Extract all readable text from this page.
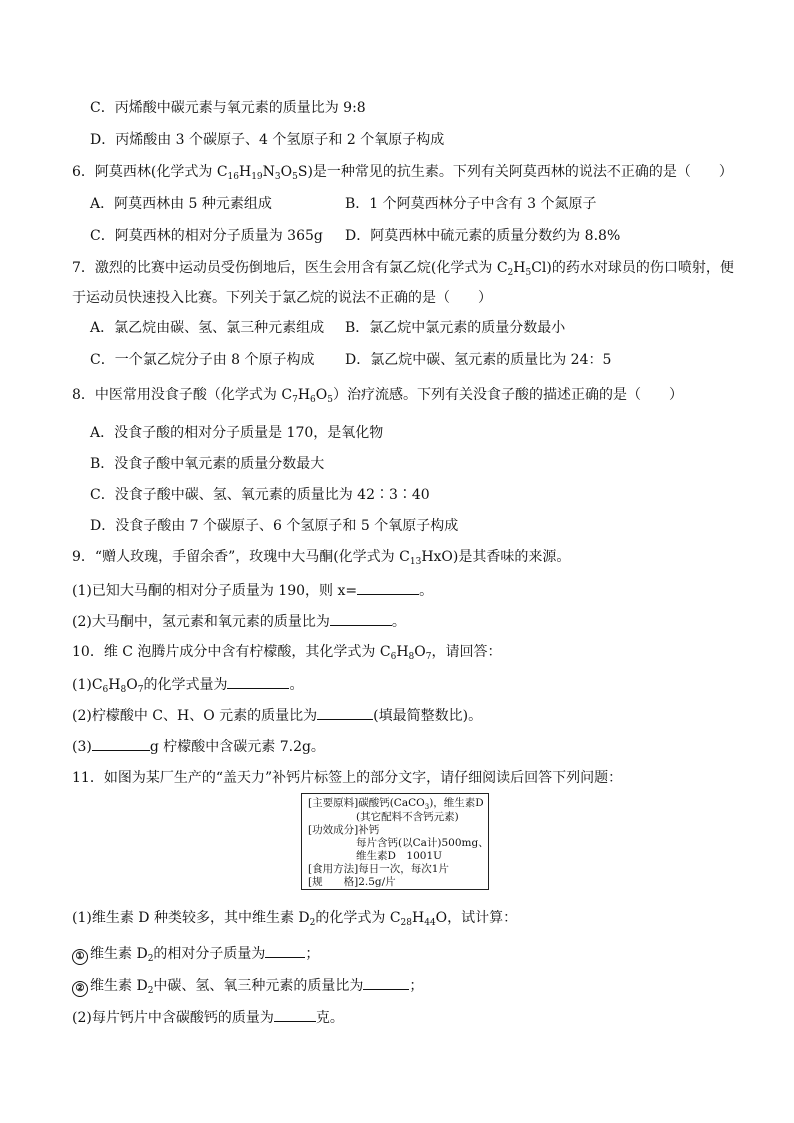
C．丙烯酸中碳元素与氧元素的质量比为 9:8
D．丙烯酸由 3 个碳原子、4 个氢原子和 2 个氧原子构成
6．阿莫西林(化学式为 $C_{16}H_{19}N_3O_5S$)是一种常见的抗生素。下列有关阿莫西林的说法不正确的是（　　）
A．阿莫西林由 5 种元素组成	B．1 个阿莫西林分子中含有 3 个氮原子
C．阿莫西林的相对分子质量为 365g D．阿莫西林中硫元素的质量分数约为 8.8%
7．激烈的比赛中运动员受伤倒地后，医生会用含有氯乙烷(化学式为 $C_2H_5Cl$)的药水对球员的伤口喷射，便
于运动员快速投入比赛。下列关于氯乙烷的说法不正确的是（　　）
A．氯乙烷由碳、氢、氯三种元素组成 B．氯乙烷中氯元素的质量分数最小
C．一个氯乙烷分子由 8 个原子构成 D．氯乙烷中碳、氢元素的质量比为 24：5
8．中医常用没食子酸（化学式为 $C_7H_6O_5$）治疗流感。下列有关没食子酸的描述正确的是（　　）
A．没食子酸的相对分子质量是 170，是氧化物
B．没食子酸中氧元素的质量分数最大
C．没食子酸中碳、氢、氧元素的质量比为 42∶3∶40
D．没食子酸由 7 个碳原子、6 个氢原子和 5 个氧原子构成
9．“赠人玫瑰，手留余香”，玫瑰中大马酮(化学式为 $C_{13}HxO$)是其香味的来源。
(1)已知大马酮的相对分子质量为 190，则 x=	。
(2)大马酮中，氢元素和氧元素的质量比为	。
10．维 C 泡腾片成分中含有柠檬酸，其化学式为 $C_6H_8O_7$，请回答：
$(1)C_6H_8O_7$的化学式量为	。
(2)柠檬酸中 C、H、O 元素的质量比为	(填最简整数比)。
(3)	g 柠檬酸中含碳元素 7.2g。
11．如图为某厂生产的“盖天力”补钙片标签上的部分文字，请仔细阅读后回答下列问题：
[主要原料]碳酸钙(CaCO$_3$)，维生素D
(其它配料不含钙元素)
[功效成分]补钙
每片含钙(以Ca计)500mg、
维生素D　1001U
[食用方法]每日一次，每次1片
[规　　格]2.5g/片
(1)维生素 D 种类较多，其中维生素 $D_2$的化学式为 $C_{28}H_{44}O$，试计算：
① 维生素 $D_2$的相对分子质量为	；
② 维生素 $D_2$中碳、氢、氧三种元素的质量比为	；
(2)每片钙片中含碳酸钙的质量为	克。
